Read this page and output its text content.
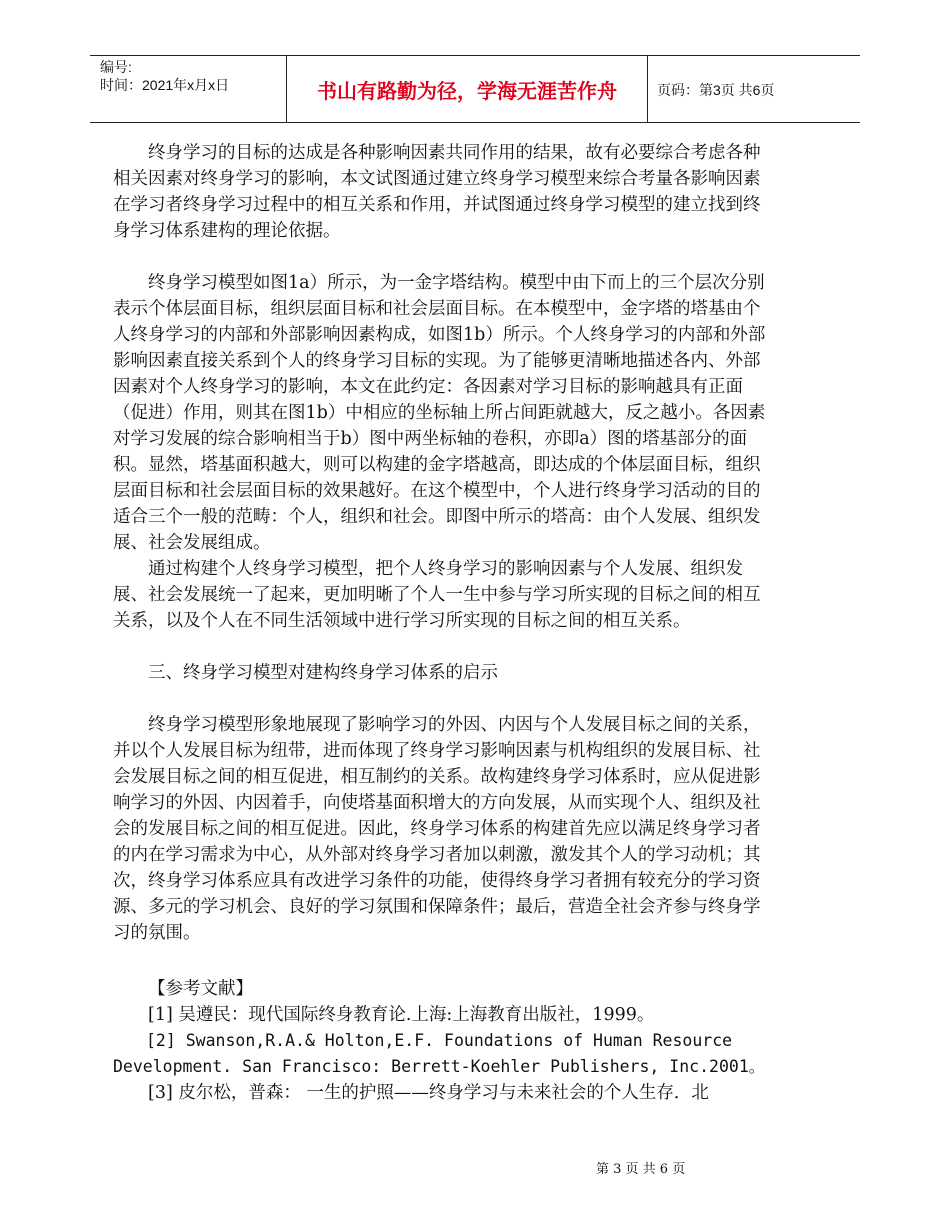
编号:
时间：2021年x月x日	书山有路勤为径，学海无涯苦作舟	页码：第3页 共6页

终身学习的目标的达成是各种影响因素共同作用的结果，故有必要综合考虑各种相关因素对终身学习的影响，本文试图通过建立终身学习模型来综合考量各影响因素在学习者终身学习过程中的相互关系和作用，并试图通过终身学习模型的建立找到终身学习体系建构的理论依据。

终身学习模型如图1a）所示，为一金字塔结构。模型中由下而上的三个层次分别表示个体层面目标，组织层面目标和社会层面目标。在本模型中，金字塔的塔基由个人终身学习的内部和外部影响因素构成，如图1b）所示。个人终身学习的内部和外部影响因素直接关系到个人的终身学习目标的实现。为了能够更清晰地描述各内、外部因素对个人终身学习的影响，本文在此约定：各因素对学习目标的影响越具有正面（促进）作用，则其在图1b）中相应的坐标轴上所占间距就越大，反之越小。各因素对学习发展的综合影响相当于b）图中两坐标轴的卷积，亦即a）图的塔基部分的面积。显然，塔基面积越大，则可以构建的金字塔越高，即达成的个体层面目标，组织层面目标和社会层面目标的效果越好。在这个模型中，个人进行终身学习活动的目的适合三个一般的范畴：个人，组织和社会。即图中所示的塔高：由个人发展、组织发展、社会发展组成。

通过构建个人终身学习模型，把个人终身学习的影响因素与个人发展、组织发展、社会发展统一了起来，更加明晰了个人一生中参与学习所实现的目标之间的相互关系，以及个人在不同生活领域中进行学习所实现的目标之间的相互关系。

三、终身学习模型对建构终身学习体系的启示

终身学习模型形象地展现了影响学习的外因、内因与个人发展目标之间的关系，并以个人发展目标为纽带，进而体现了终身学习影响因素与机构组织的发展目标、社会发展目标之间的相互促进，相互制约的关系。故构建终身学习体系时，应从促进影响学习的外因、内因着手，向使塔基面积增大的方向发展，从而实现个人、组织及社会的发展目标之间的相互促进。因此，终身学习体系的构建首先应以满足终身学习者的内在学习需求为中心，从外部对终身学习者加以刺激，激发其个人的学习动机；其次，终身学习体系应具有改进学习条件的功能，使得终身学习者拥有较充分的学习资源、多元的学习机会、良好的学习氛围和保障条件；最后，营造全社会齐参与终身学习的氛围。

【参考文献】

[1] 吴遵民：现代国际终身教育论.上海:上海教育出版社，1999。

[2] Swanson,R.A.& Holton,E.F. Foundations of Human Resource Development. San Francisco: Berrett-Koehler Publishers, Inc.2001。

[3] 皮尔松，普森： 一生的护照——终身学习与未来社会的个人生存．北

第 3 页 共 6 页
